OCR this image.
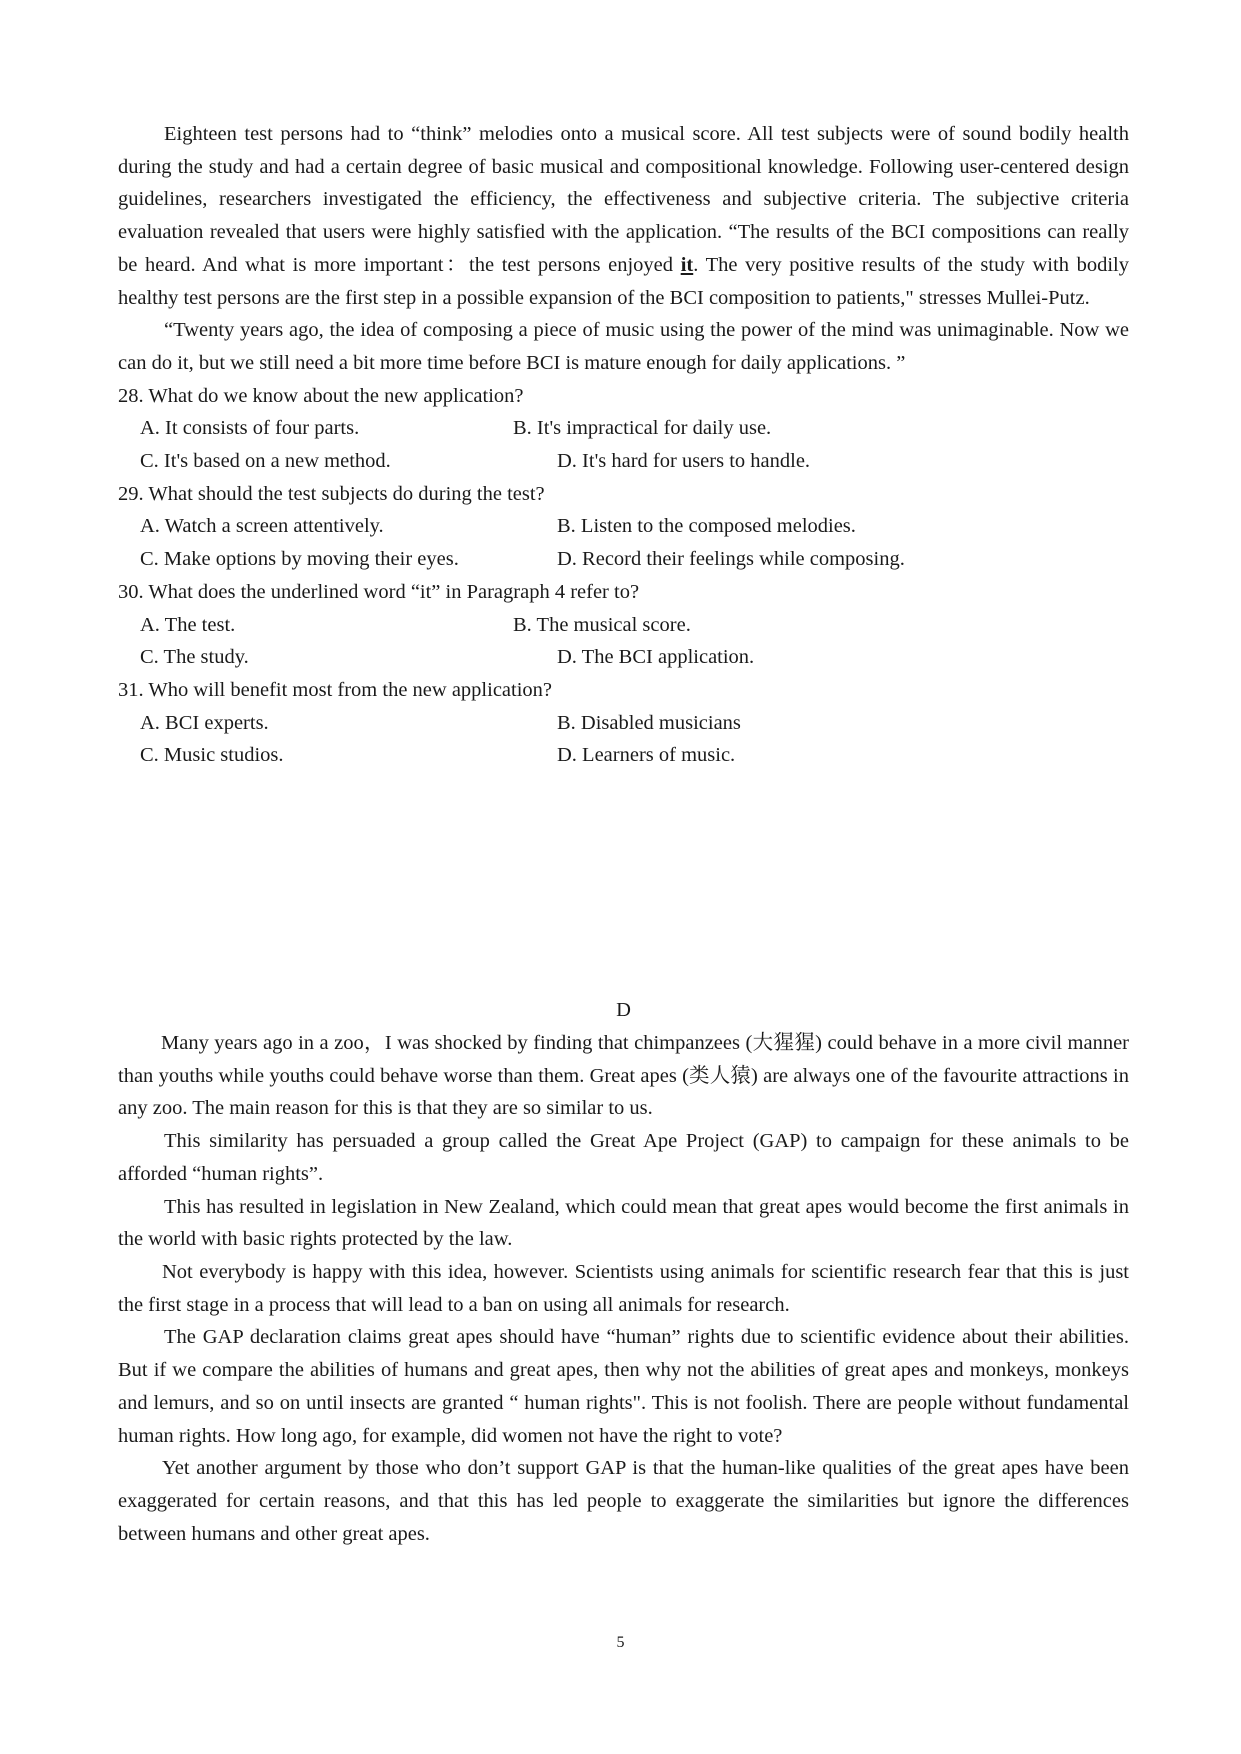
Eighteen test persons had to “think” melodies onto a musical score. All test subjects were of sound bodily health during the study and had a certain degree of basic musical and compositional knowledge. Following user-centered design guidelines, researchers investigated the efficiency, the effectiveness and subjective criteria. The subjective criteria evaluation revealed that users were highly satisfied with the application. “The results of the BCI compositions can really be heard. And what is more important：the test persons enjoyed it. The very positive results of the study with bodily healthy test persons are the first step in a possible expansion of the BCI composition to patients," stresses Mullei-Putz.

“Twenty years ago, the idea of composing a piece of music using the power of the mind was unimaginable. Now we can do it, but we still need a bit more time before BCI is mature enough for daily applications. ”

28. What do we know about the new application?
A. It consists of four parts.	B. It's impractical for daily use.
C. It's based on a new method.	D. It's hard for users to handle.
29. What should the test subjects do during the test?
A. Watch a screen attentively.	B. Listen to the composed melodies.
C. Make options by moving their eyes.	D. Record their feelings while composing.
30. What does the underlined word “it” in Paragraph 4 refer to?
A. The test.	B. The musical score.
C. The study.	D. The BCI application.
31. Who will benefit most from the new application?
A. BCI experts.	B. Disabled musicians
C. Music studios.	D. Learners of music.
D

Many years ago in a zoo，I was shocked by finding that chimpanzees (大猩猩) could behave in a more civil manner than youths while youths could behave worse than them. Great apes (类人猿) are always one of the favourite attractions in any zoo. The main reason for this is that they are so similar to us.

This similarity has persuaded a group called the Great Ape Project (GAP) to campaign for these animals to be afforded “human rights”.

This has resulted in legislation in New Zealand, which could mean that great apes would become the first animals in the world with basic rights protected by the law.

Not everybody is happy with this idea, however. Scientists using animals for scientific research fear that this is just the first stage in a process that will lead to a ban on using all animals for research.

The GAP declaration claims great apes should have “human” rights due to scientific evidence about their abilities. But if we compare the abilities of humans and great apes, then why not the abilities of great apes and monkeys, monkeys and lemurs, and so on until insects are granted “ human rights". This is not foolish. There are people without fundamental human rights. How long ago, for example, did women not have the right to vote?

Yet another argument by those who don’t support GAP is that the human-like qualities of the great apes have been exaggerated for certain reasons, and that this has led people to exaggerate the similarities but ignore the differences between humans and other great apes.

5
